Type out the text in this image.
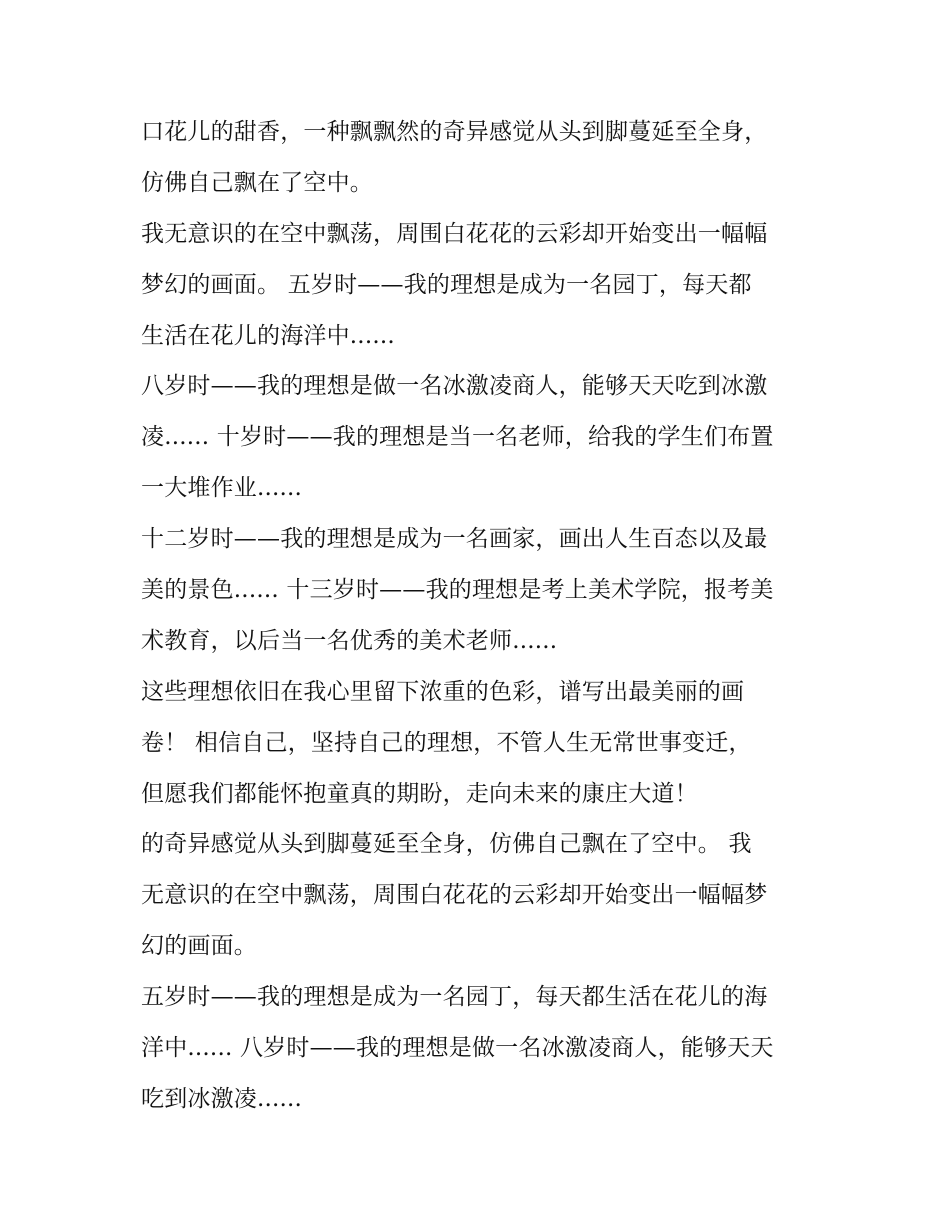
口花儿的甜香，一种飘飘然的奇异感觉从头到脚蔓延至全身，
仿佛自己飘在了空中。
我无意识的在空中飘荡，周围白花花的云彩却开始变出一幅幅
梦幻的画面。 五岁时——我的理想是成为一名园丁，每天都
生活在花儿的海洋中......
八岁时——我的理想是做一名冰激凌商人，能够天天吃到冰激
凌...... 十岁时——我的理想是当一名老师，给我的学生们布置
一大堆作业......
十二岁时——我的理想是成为一名画家，画出人生百态以及最
美的景色...... 十三岁时——我的理想是考上美术学院，报考美
术教育，以后当一名优秀的美术老师......
这些理想依旧在我心里留下浓重的色彩，谱写出最美丽的画
卷！ 相信自己，坚持自己的理想，不管人生无常世事变迁，
但愿我们都能怀抱童真的期盼，走向未来的康庄大道！
的奇异感觉从头到脚蔓延至全身，仿佛自己飘在了空中。 我
无意识的在空中飘荡，周围白花花的云彩却开始变出一幅幅梦
幻的画面。
五岁时——我的理想是成为一名园丁，每天都生活在花儿的海
洋中...... 八岁时——我的理想是做一名冰激凌商人，能够天天
吃到冰激凌......
